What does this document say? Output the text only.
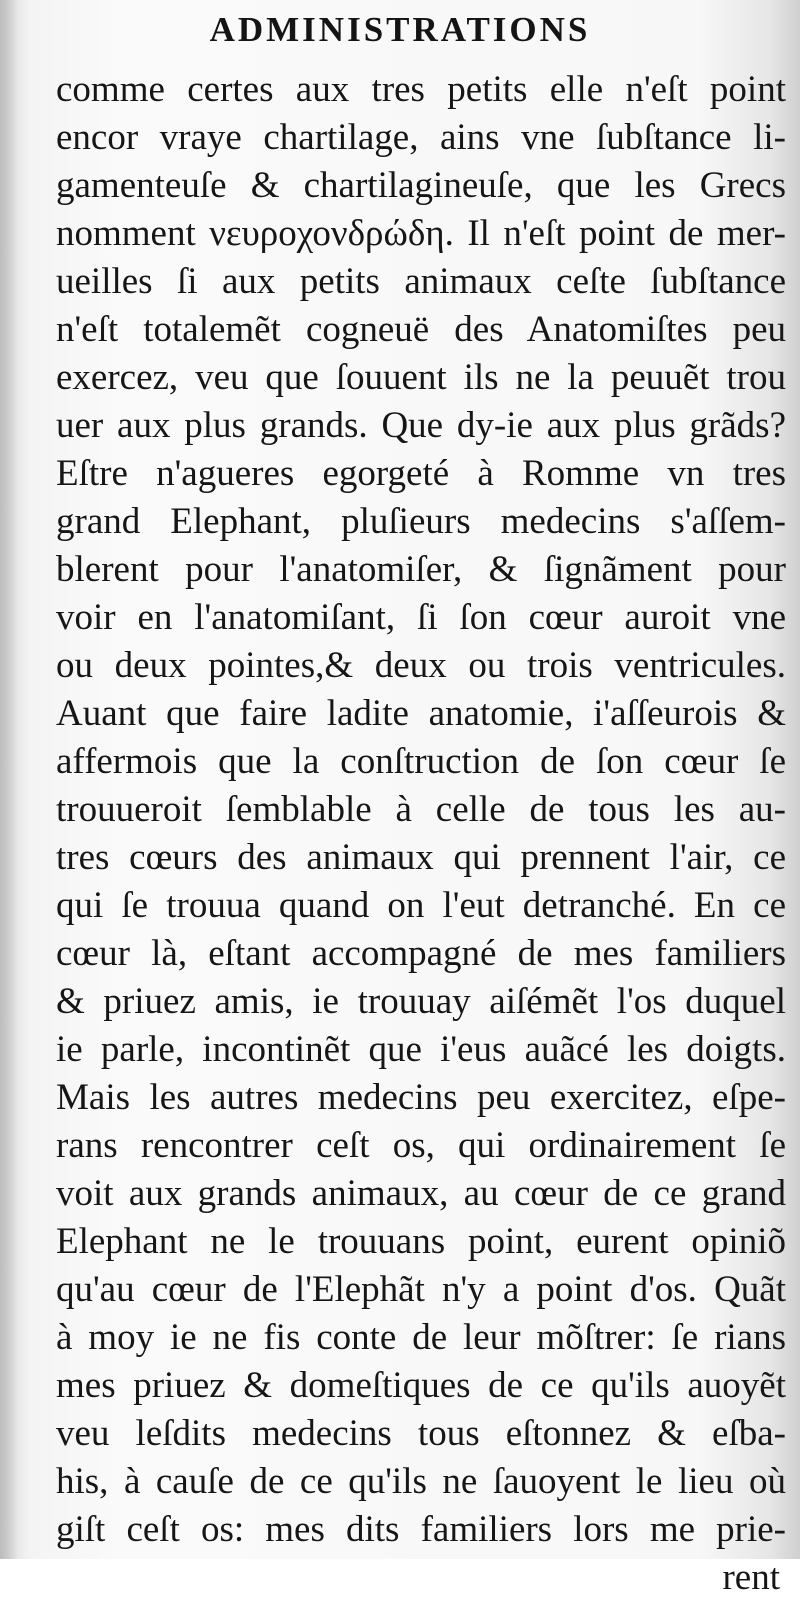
ADMINISTRATIONS
comme certes aux tres petits elle n'eſt point
encor vraye chartilage, ains vne ſubſtance li-
gamenteuſe & chartilagineuſe, que les Grecs
nomment νευροχονδρώδη. Il n'eſt point de mer-
ueilles ſi aux petits animaux ceſte ſubſtance
n'eſt totalemẽt cogneuë des Anatomiſtes peu
exercez, veu que ſouuent ils ne la peuuẽt trou
uer aux plus grands. Que dy-ie aux plus grãds?
Eſtre n'agueres egorgeté à Romme vn tres
grand Elephant, pluſieurs medecins s'aſſem-
blerent pour l'anatomiſer, & ſignãment pour
voir en l'anatomiſant, ſi ſon cœur auroit vne
ou deux pointes,& deux ou trois ventricules.
Auant que faire ladite anatomie, i'aſſeurois &
affermois que la conſtruction de ſon cœur ſe
trouueroit ſemblable à celle de tous les au-
tres cœurs des animaux qui prennent l'air, ce
qui ſe trouua quand on l'eut detranché. En ce
cœur là, eſtant accompagné de mes familiers
& priuez amis, ie trouuay aiſémẽt l'os duquel
ie parle, incontinẽt que i'eus auãcé les doigts.
Mais les autres medecins peu exercitez, eſpe-
rans rencontrer ceſt os, qui ordinairement ſe
voit aux grands animaux, au cœur de ce grand
Elephant ne le trouuans point, eurent opiniõ
qu'au cœur de l'Elephãt n'y a point d'os. Quãt
à moy ie ne fis conte de leur mõſtrer: ſe rians
mes priuez & domeſtiques de ce qu'ils auoyẽt
veu leſdits medecins tous eſtonnez & eſba-
his, à cauſe de ce qu'ils ne ſauoyent le lieu où
giſt ceſt os: mes dits familiers lors me prie-
rent
